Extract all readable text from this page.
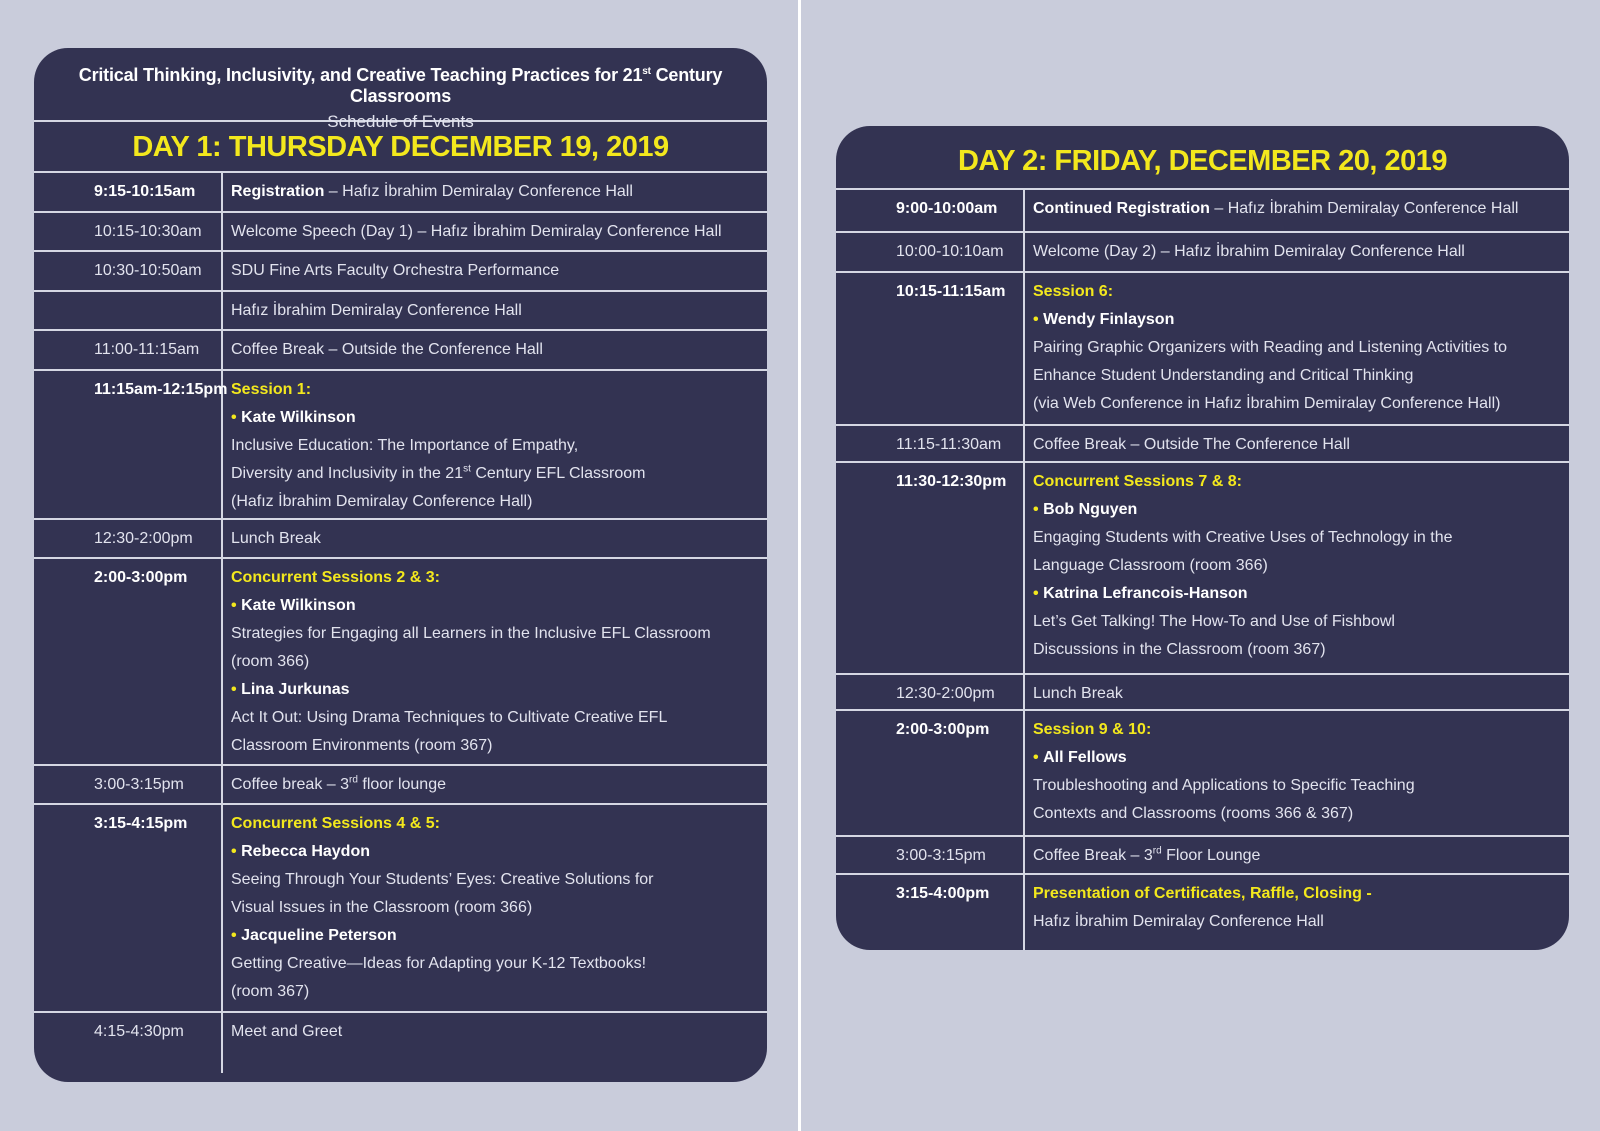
Critical Thinking, Inclusivity, and Creative Teaching Practices for 21st Century Classrooms
Schedule of Events
DAY 1: THURSDAY DECEMBER 19, 2019
9:15-10:15am	Registration – Hafız İbrahim Demiralay Conference Hall
10:15-10:30am	Welcome Speech (Day 1) – Hafız İbrahim Demiralay Conference Hall
10:30-10:50am	SDU Fine Arts Faculty Orchestra Performance
Hafız İbrahim Demiralay Conference Hall
11:00-11:15am	Coffee Break – Outside the Conference Hall
11:15am-12:15pm Session 1:
• Kate Wilkinson
Inclusive Education: The Importance of Empathy,
Diversity and Inclusivity in the 21st Century EFL Classroom
(Hafız İbrahim Demiralay Conference Hall)
12:30-2:00pm	Lunch Break
2:00-3:00pm	Concurrent Sessions 2 & 3:
• Kate Wilkinson
Strategies for Engaging all Learners in the Inclusive EFL Classroom
(room 366)
• Lina Jurkunas
Act It Out: Using Drama Techniques to Cultivate Creative EFL
Classroom Environments (room 367)
3:00-3:15pm	Coffee break – 3rd floor lounge
3:15-4:15pm	Concurrent Sessions 4 & 5:
• Rebecca Haydon
Seeing Through Your Students’ Eyes: Creative Solutions for
Visual Issues in the Classroom (room 366)
• Jacqueline Peterson
Getting Creative—Ideas for Adapting your K-12 Textbooks!
(room 367)
4:15-4:30pm	Meet and Greet
DAY 2: FRIDAY, DECEMBER 20, 2019
9:00-10:00am	Continued Registration – Hafız İbrahim Demiralay Conference Hall
10:00-10:10am	Welcome (Day 2) – Hafız İbrahim Demiralay Conference Hall
10:15-11:15am	Session 6:
• Wendy Finlayson
Pairing Graphic Organizers with Reading and Listening Activities to
Enhance Student Understanding and Critical Thinking
(via Web Conference in Hafız İbrahim Demiralay Conference Hall)
11:15-11:30am	Coffee Break – Outside The Conference Hall
11:30-12:30pm	Concurrent Sessions 7 & 8:
• Bob Nguyen
Engaging Students with Creative Uses of Technology in the
Language Classroom (room 366)
• Katrina Lefrancois-Hanson
Let’s Get Talking! The How-To and Use of Fishbowl
Discussions in the Classroom (room 367)
12:30-2:00pm	Lunch Break
2:00-3:00pm	Session 9 & 10:
• All Fellows
Troubleshooting and Applications to Specific Teaching
Contexts and Classrooms (rooms 366 & 367)
3:00-3:15pm	Coffee Break – 3rd Floor Lounge
3:15-4:00pm	Presentation of Certificates, Raffle, Closing -
Hafız İbrahim Demiralay Conference Hall
